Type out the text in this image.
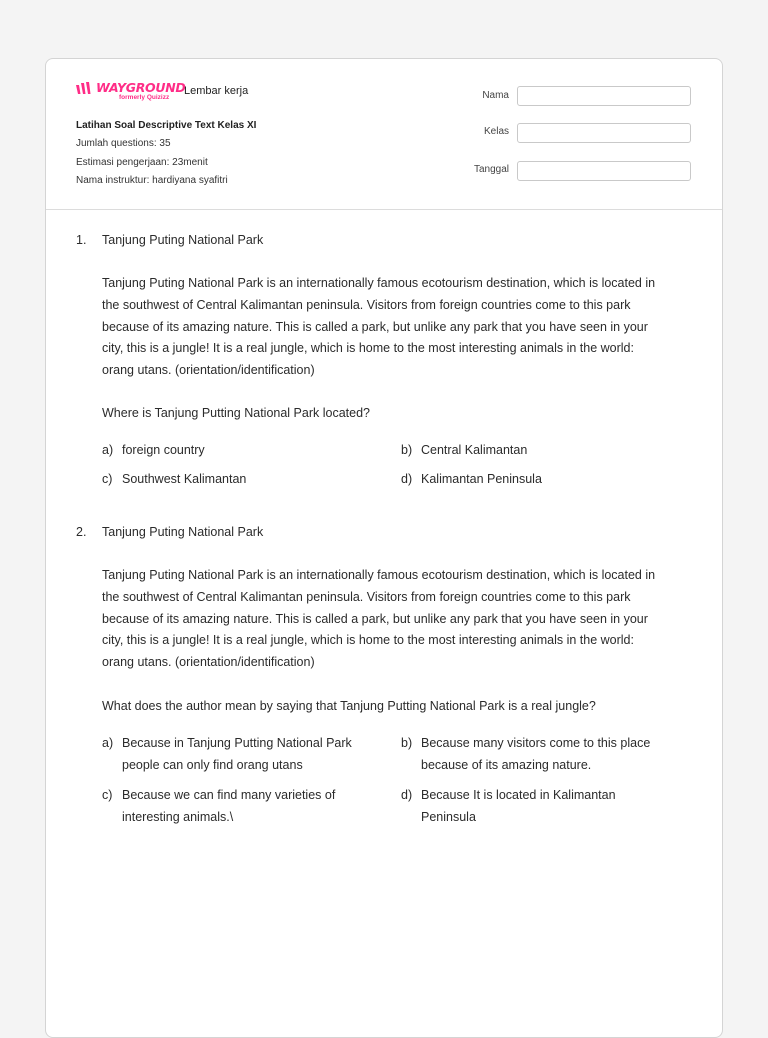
WAYGROUND
formerly Quizizz
Lembar kerja
Latihan Soal Descriptive Text Kelas XI
Jumlah questions: 35
Estimasi pengerjaan: 23menit
Nama instruktur: hardiyana syafitri
Nama
Kelas
Tanggal
1. Tanjung Puting National Park
Tanjung Puting National Park is an internationally famous ecotourism destination, which is located in
the southwest of Central Kalimantan peninsula. Visitors from foreign countries come to this park
because of its amazing nature. This is called a park, but unlike any park that you have seen in your
city, this is a jungle! It is a real jungle, which is home to the most interesting animals in the world:
orang utans. (orientation/identification)
Where is Tanjung Putting National Park located?
a) foreign country	b) Central Kalimantan
c) Southwest Kalimantan	d) Kalimantan Peninsula
2. Tanjung Puting National Park
Tanjung Puting National Park is an internationally famous ecotourism destination, which is located in
the southwest of Central Kalimantan peninsula. Visitors from foreign countries come to this park
because of its amazing nature. This is called a park, but unlike any park that you have seen in your
city, this is a jungle! It is a real jungle, which is home to the most interesting animals in the world:
orang utans. (orientation/identification)
What does the author mean by saying that Tanjung Putting National Park is a real jungle?
a) Because in Tanjung Putting National Park people can only find orang utans
b) Because many visitors come to this place because of its amazing nature.
c) Because we can find many varieties of interesting animals.\
d) Because It is located in Kalimantan Peninsula
